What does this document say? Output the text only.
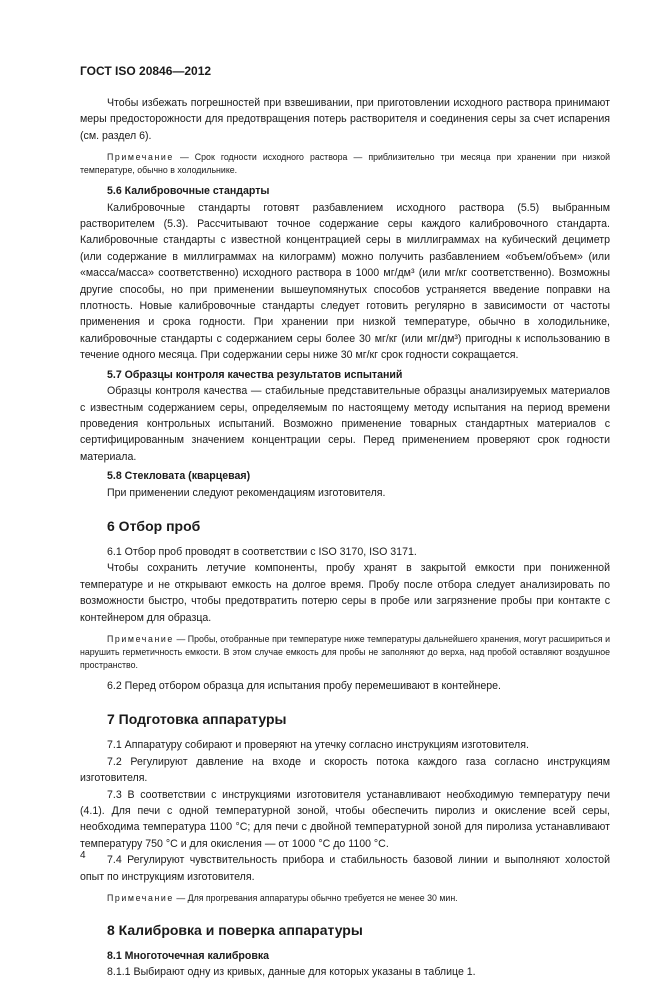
ГОСТ ISO 20846—2012

Чтобы избежать погрешностей при взвешивании, при приготовлении исходного раствора принимают меры предосторожности для предотвращения потерь растворителя и соединения серы за счет испарения (см. раздел 6).

Примечание — Срок годности исходного раствора — приблизительно три месяца при хранении при низкой температуре, обычно в холодильнике.

5.6 Калибровочные стандарты

Калибровочные стандарты готовят разбавлением исходного раствора (5.5) выбранным растворителем (5.3). Рассчитывают точное содержание серы каждого калибровочного стандарта. Калибровочные стандарты с известной концентрацией серы в миллиграммах на кубический дециметр (или содержание в миллиграммах на килограмм) можно получить разбавлением «объем/объем» (или «масса/масса» соответственно) исходного раствора в 1000 мг/дм³ (или мг/кг соответственно). Возможны другие способы, но при применении вышеупомянутых способов устраняется введение поправки на плотность. Новые калибровочные стандарты следует готовить регулярно в зависимости от частоты применения и срока годности. При хранении при низкой температуре, обычно в холодильнике, калибровочные стандарты с содержанием серы более 30 мг/кг (или мг/дм³) пригодны к использованию в течение одного месяца. При содержании серы ниже 30 мг/кг срок годности сокращается.

5.7 Образцы контроля качества результатов испытаний

Образцы контроля качества — стабильные представительные образцы анализируемых материалов с известным содержанием серы, определяемым по настоящему методу испытания на период времени проведения контрольных испытаний. Возможно применение товарных стандартных материалов с сертифицированным значением концентрации серы. Перед применением проверяют срок годности материала.

5.8 Стекловата (кварцевая)

При применении следуют рекомендациям изготовителя.

6 Отбор проб

6.1 Отбор проб проводят в соответствии с ISO 3170, ISO 3171.

Чтобы сохранить летучие компоненты, пробу хранят в закрытой емкости при пониженной температуре и не открывают емкость на долгое время. Пробу после отбора следует анализировать по возможности быстро, чтобы предотвратить потерю серы в пробе или загрязнение пробы при контакте с контейнером для образца.

Примечание — Пробы, отобранные при температуре ниже температуры дальнейшего хранения, могут расшириться и нарушить герметичность емкости. В этом случае емкость для пробы не заполняют до верха, над пробой оставляют воздушное пространство.

6.2 Перед отбором образца для испытания пробу перемешивают в контейнере.

7 Подготовка аппаратуры

7.1 Аппаратуру собирают и проверяют на утечку согласно инструкциям изготовителя.

7.2 Регулируют давление на входе и скорость потока каждого газа согласно инструкциям изготовителя.

7.3 В соответствии с инструкциями изготовителя устанавливают необходимую температуру печи (4.1). Для печи с одной температурной зоной, чтобы обеспечить пиролиз и окисление всей серы, необходима температура 1100 °С; для печи с двойной температурной зоной для пиролиза устанавливают температуру 750 °С и для окисления — от 1000 °С до 1100 °С.

7.4 Регулируют чувствительность прибора и стабильность базовой линии и выполняют холостой опыт по инструкциям изготовителя.

Примечание — Для прогревания аппаратуры обычно требуется не менее 30 мин.

8 Калибровка и поверка аппаратуры
8.1 Многоточечная калибровка

8.1.1 Выбирают одну из кривых, данные для которых указаны в таблице 1.

4
